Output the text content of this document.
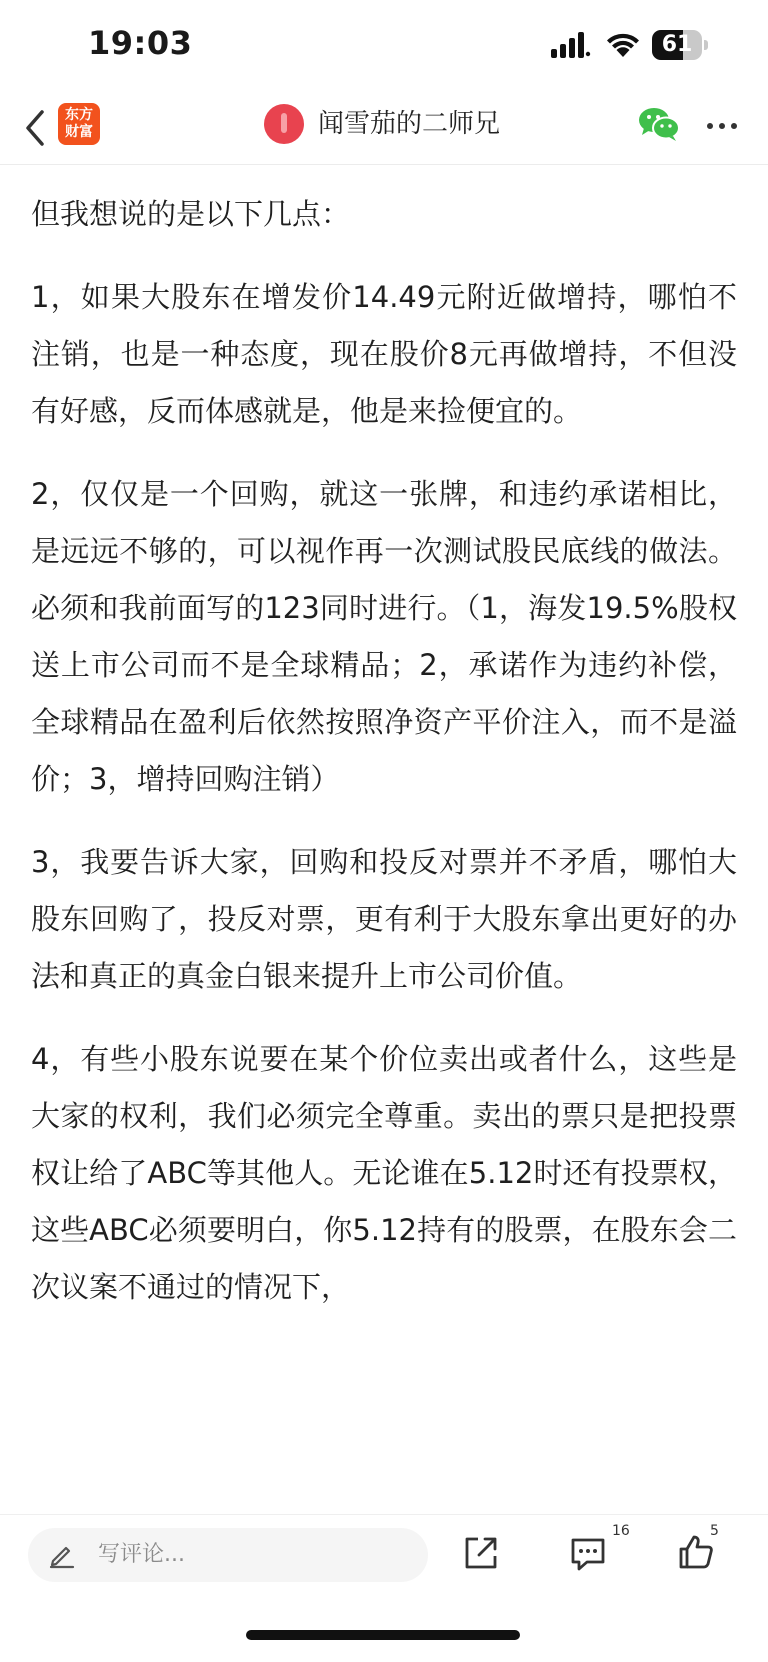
19:03	61
东方
财富	闻雪茄的二师兄

但我想说的是以下几点：

1，如果大股东在增发价14.49元附近做增持，哪怕不注销，也是一种态度，现在股价8元再做增持，不但没有好感，反而体感就是，他是来捡便宜的。

2，仅仅是一个回购，就这一张牌，和违约承诺相比，是远远不够的，可以视作再一次测试股民底线的做法。必须和我前面写的123同时进行。（1，海发19.5%股权送上市公司而不是全球精品；2，承诺作为违约补偿，全球精品在盈利后依然按照净资产平价注入，而不是溢价；3，增持回购注销）

3，我要告诉大家，回购和投反对票并不矛盾，哪怕大股东回购了，投反对票，更有利于大股东拿出更好的办法和真正的真金白银来提升上市公司价值。

4，有些小股东说要在某个价位卖出或者什么，这些是大家的权利，我们必须完全尊重。卖出的票只是把投票权让给了ABC等其他人。无论谁在5.12时还有投票权，这些ABC必须要明白，你5.12持有的股票，在股东会二次议案不通过的情况下，

写评论...
16	5
